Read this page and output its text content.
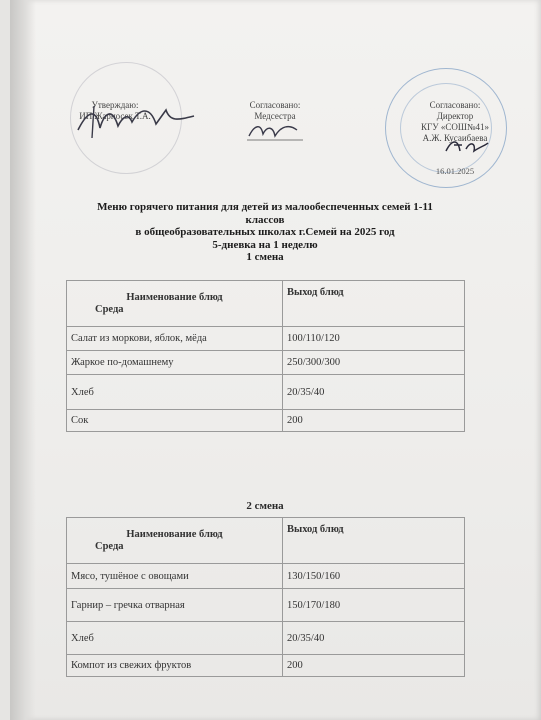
Утверждаю:
ИП Жарносек Т.А.
Согласовано:
Медсестра
Согласовано:
Директор
КГУ «СОШ№41»
А.Ж. Кусаибаева
16.01.2025
Меню горячего питания для детей из малообеспеченных семей 1-11
классов
в общеобразовательных школах г.Семей на 2025 год
5-дневка на 1 неделю
1 смена
Наименование блюд
Среда	Выход блюд
Салат из моркови, яблок, мёда	100/110/120
Жаркое по-домашнему	250/300/300
Хлеб	20/35/40
Сок	200
2 смена
Наименование блюд
Среда	Выход блюд
Мясо, тушёное с овощами	130/150/160
Гарнир – гречка отварная	150/170/180
Хлеб	20/35/40
Компот из свежих фруктов	200
